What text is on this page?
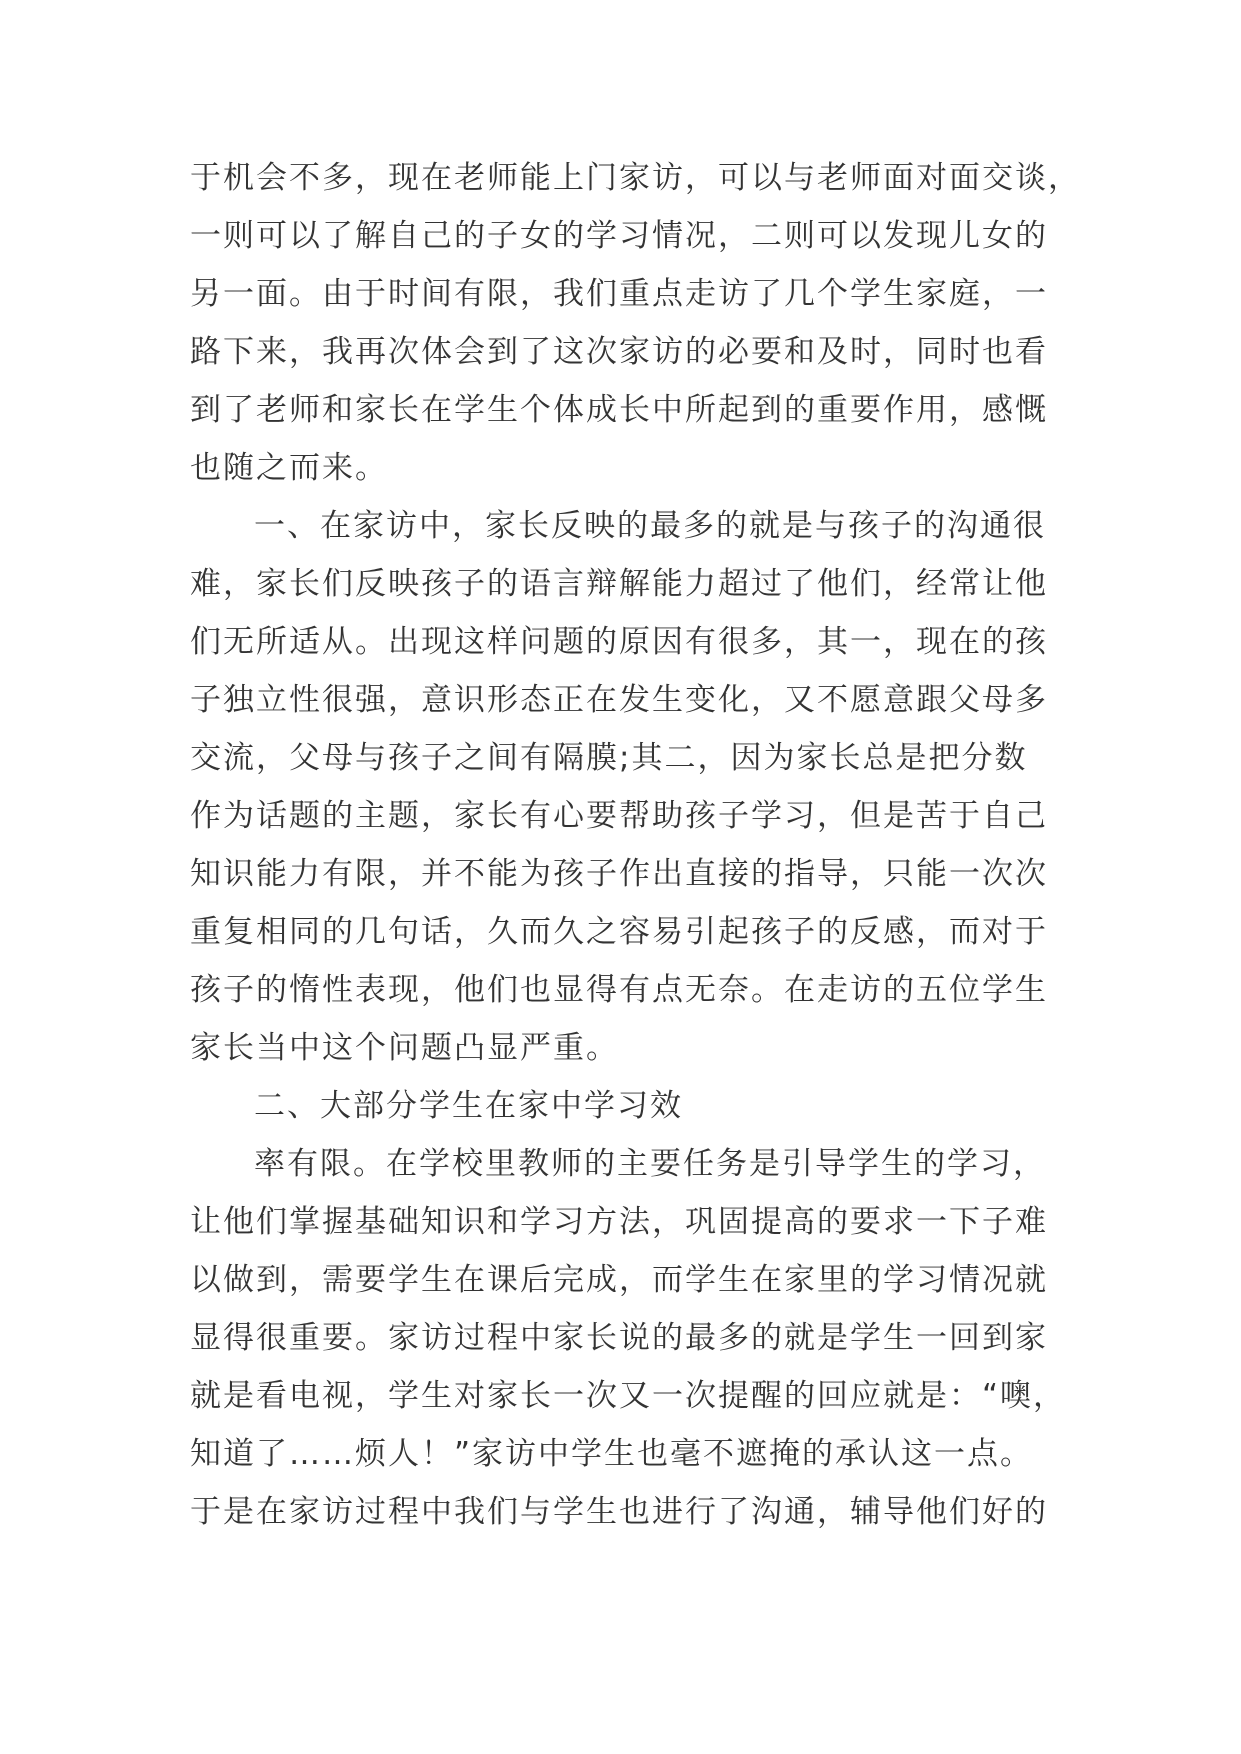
于机会不多，现在老师能上门家访，可以与老师面对面交谈，
一则可以了解自己的子女的学习情况，二则可以发现儿女的
另一面。由于时间有限，我们重点走访了几个学生家庭，一
路下来，我再次体会到了这次家访的必要和及时，同时也看
到了老师和家长在学生个体成长中所起到的重要作用，感慨
也随之而来。
一、在家访中，家长反映的最多的就是与孩子的沟通很
难，家长们反映孩子的语言辩解能力超过了他们，经常让他
们无所适从。出现这样问题的原因有很多，其一，现在的孩
子独立性很强，意识形态正在发生变化，又不愿意跟父母多
交流，父母与孩子之间有隔膜;其二，因为家长总是把分数
作为话题的主题，家长有心要帮助孩子学习，但是苦于自己
知识能力有限，并不能为孩子作出直接的指导，只能一次次
重复相同的几句话，久而久之容易引起孩子的反感，而对于
孩子的惰性表现，他们也显得有点无奈。在走访的五位学生
家长当中这个问题凸显严重。
二、大部分学生在家中学习效
率有限。在学校里教师的主要任务是引导学生的学习，
让他们掌握基础知识和学习方法，巩固提高的要求一下子难
以做到，需要学生在课后完成，而学生在家里的学习情况就
显得很重要。家访过程中家长说的最多的就是学生一回到家
就是看电视，学生对家长一次又一次提醒的回应就是：“噢，
知道了……烦人！”家访中学生也毫不遮掩的承认这一点。
于是在家访过程中我们与学生也进行了沟通，辅导他们好的
